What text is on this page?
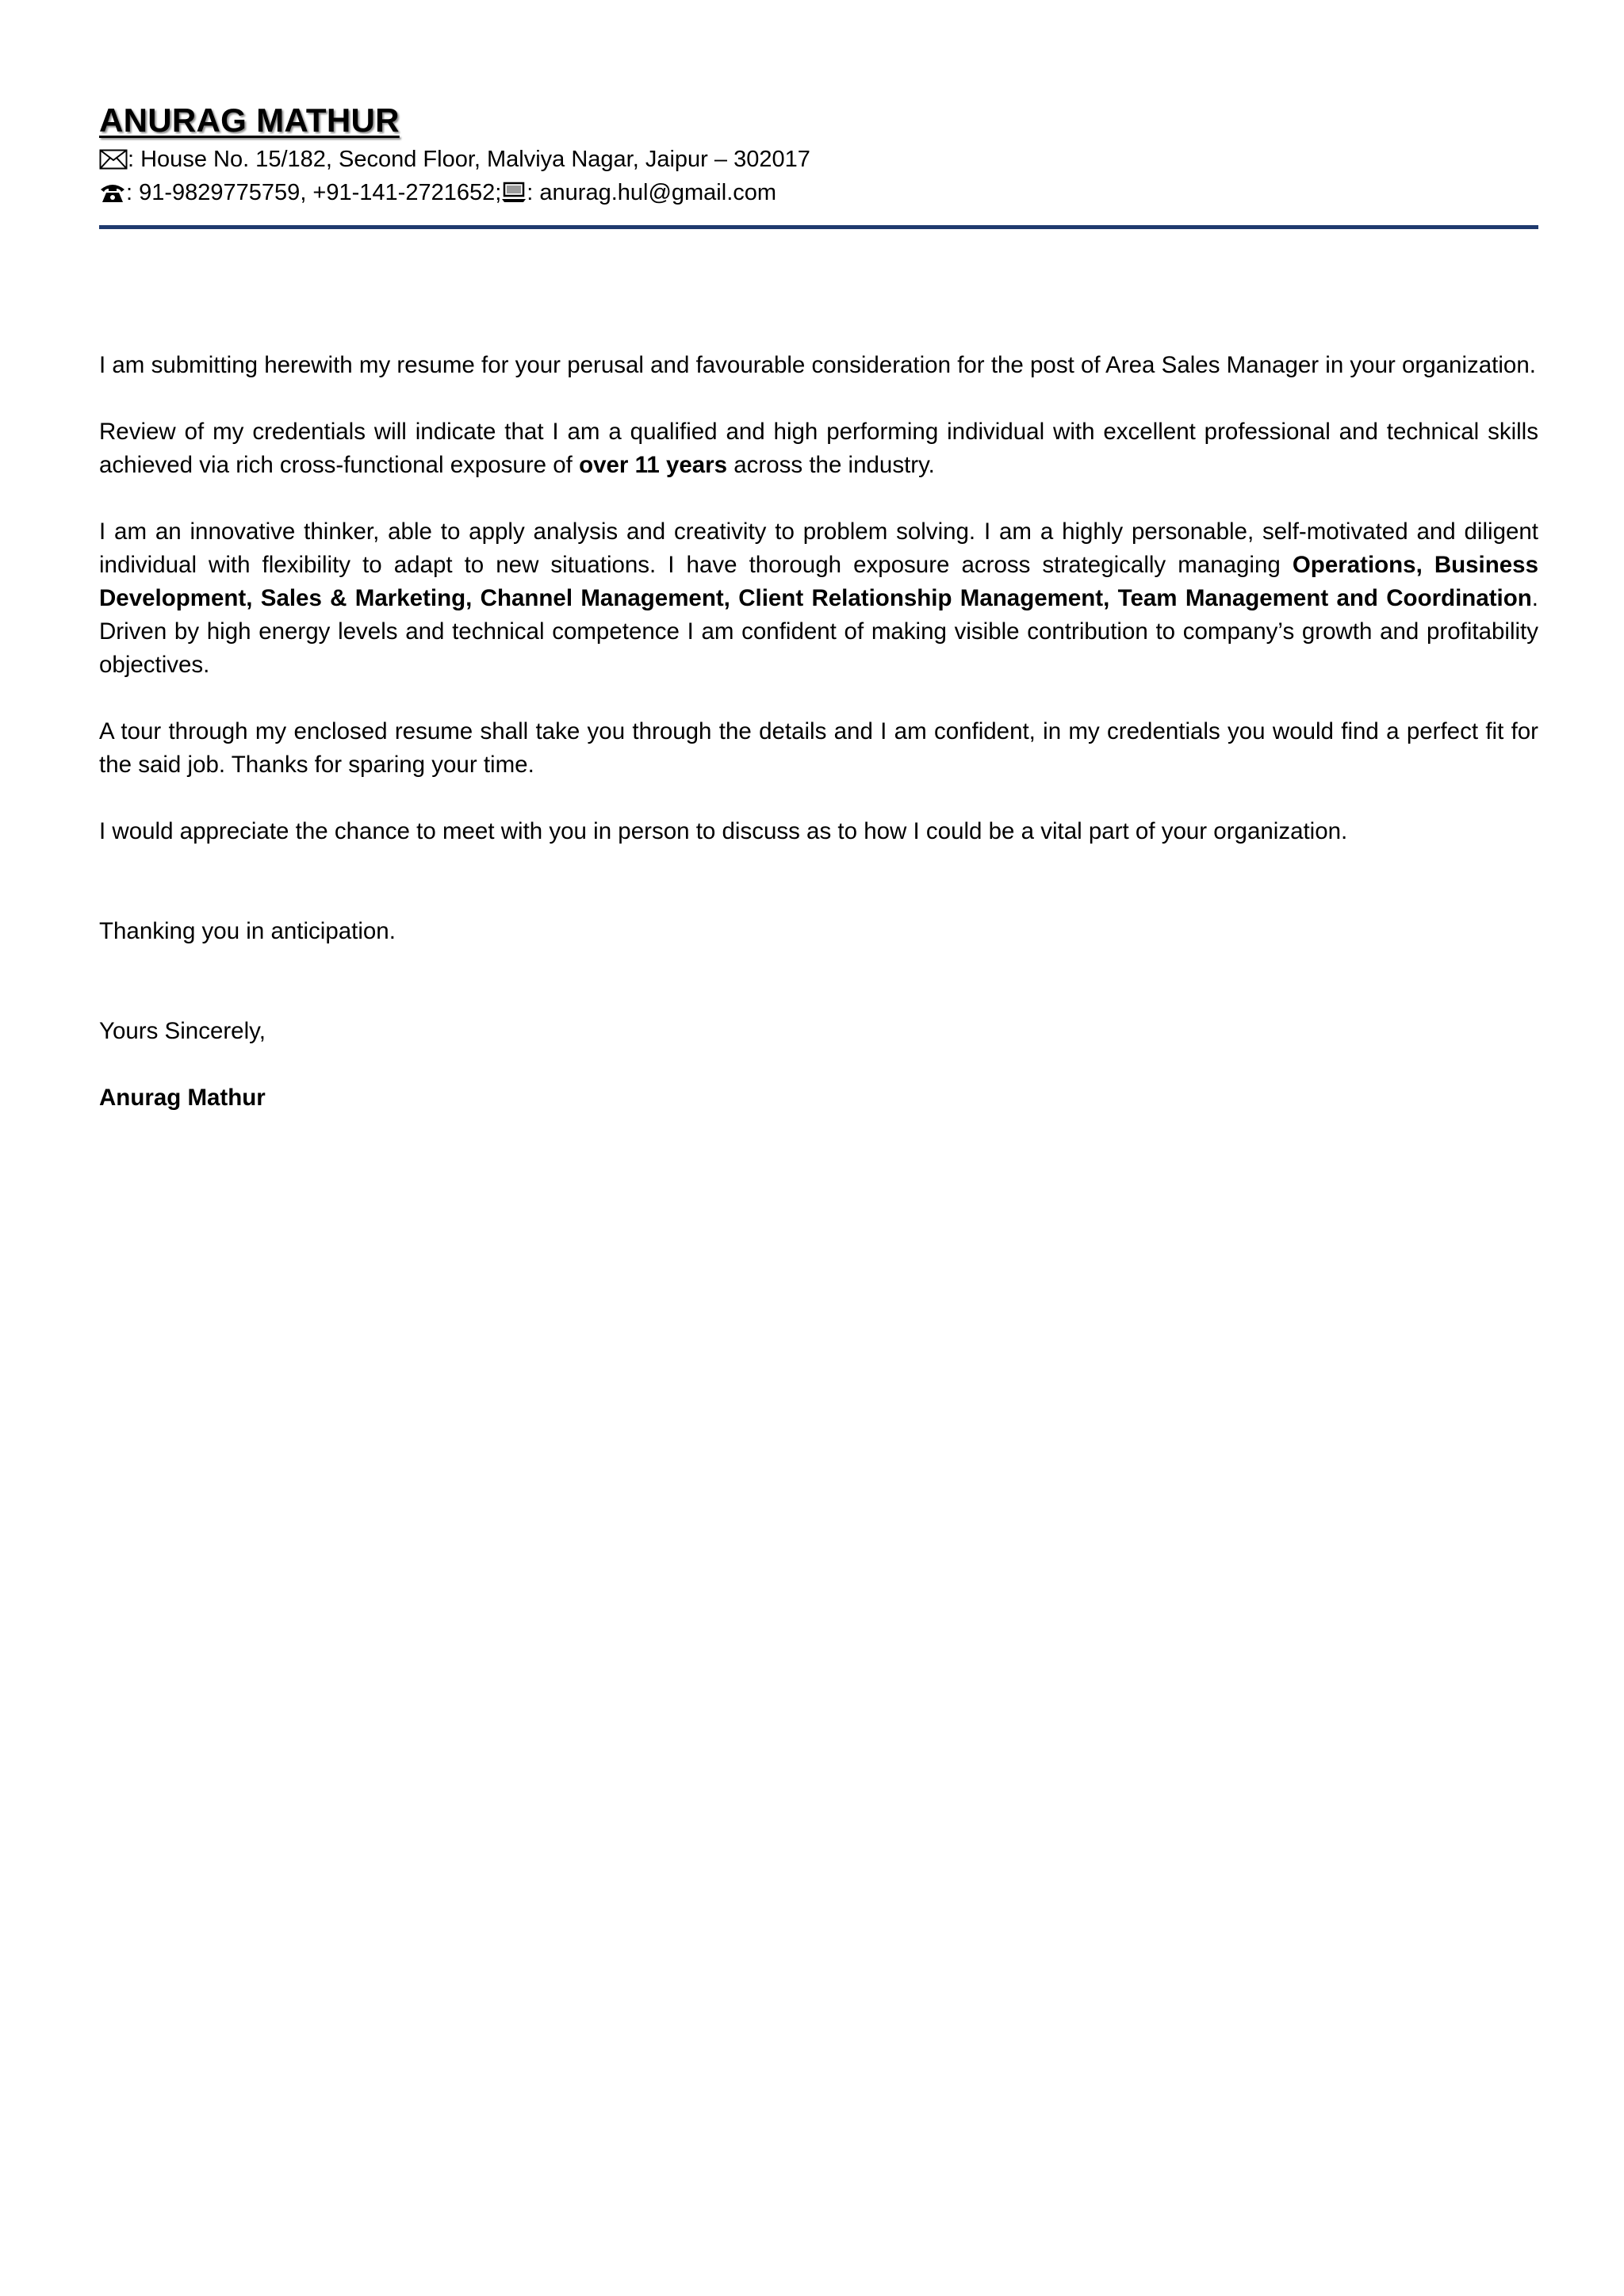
ANURAG MATHUR
: House No. 15/182, Second Floor, Malviya Nagar, Jaipur – 302017
: 91-9829775759, +91-141-2721652; : anurag.hul@gmail.com

I am submitting herewith my resume for your perusal and favourable consideration for the post of Area Sales Manager in your organization.

Review of my credentials will indicate that I am a qualified and high performing individual with excellent professional and technical skills achieved via rich cross-functional exposure of over 11 years across the industry.

I am an innovative thinker, able to apply analysis and creativity to problem solving. I am a highly personable, self-motivated and diligent individual with flexibility to adapt to new situations. I have thorough exposure across strategically managing Operations, Business Development, Sales & Marketing, Channel Management, Client Relationship Management, Team Management and Coordination. Driven by high energy levels and technical competence I am confident of making visible contribution to company’s growth and profitability objectives.

A tour through my enclosed resume shall take you through the details and I am confident, in my credentials you would find a perfect fit for the said job. Thanks for sparing your time.

I would appreciate the chance to meet with you in person to discuss as to how I could be a vital part of your organization.

Thanking you in anticipation.

Yours Sincerely,

Anurag Mathur
